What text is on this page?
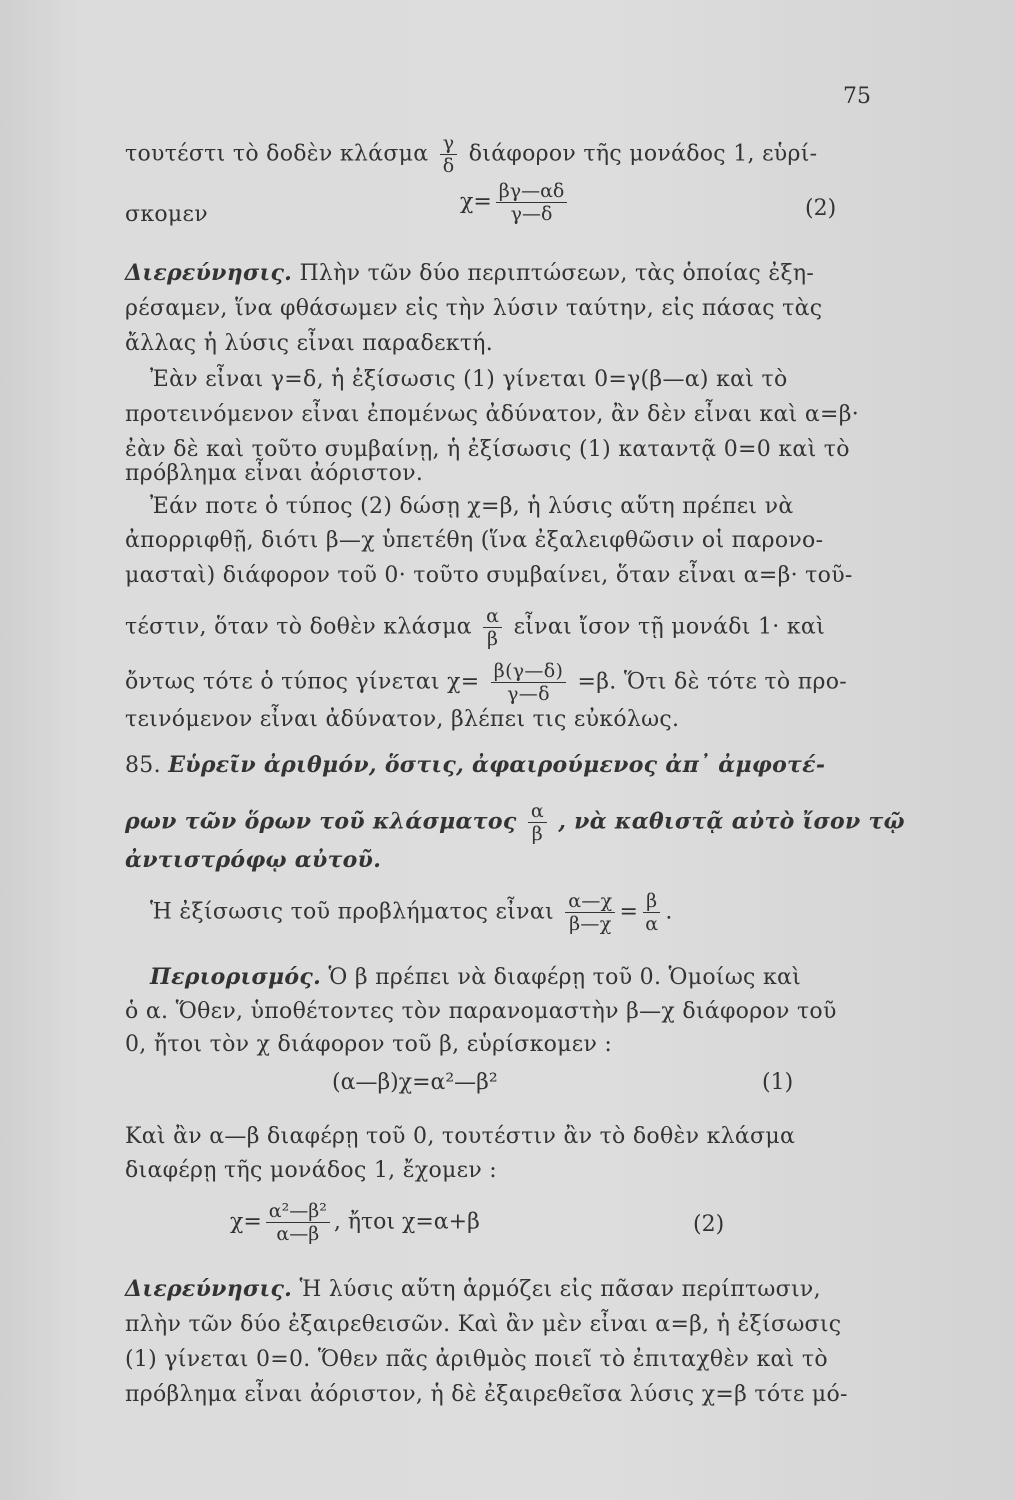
75
τουτέστι τὸ δοδὲν κλάσμα $\frac{\gamma}{\delta}$ διάφορον τῆς μονάδος 1, εὑρί-
σκομεν	$\chi= \frac{\beta\gamma—\alpha\delta}{\gamma—\delta}$	(2)
Διερεύνησις. Πλὴν τῶν δύο περιπτώσεων, τὰς ὁποίας ἐξη-
ρέσαμεν, ἵνα φθάσωμεν εἰς τὴν λύσιν ταύτην, εἰς πάσας τὰς
ἄλλας ἡ λύσις εἶναι παραδεκτή.
Ἐὰν εἶναι γ=δ, ἡ ἐξίσωσις (1) γίνεται 0=γ(β—α) καὶ τὸ
προτεινόμενον εἶναι ἐπομένως ἀδύνατον, ἂν δὲν εἶναι καὶ α=β·
ἐὰν δὲ καὶ τοῦτο συμβαίνῃ, ἡ ἐξίσωσις (1) καταντᾷ 0=0 καὶ τὸ
πρόβλημα εἶναι ἀόριστον.
Ἐάν ποτε ὁ τύπος (2) δώσῃ χ=β, ἡ λύσις αὕτη πρέπει νὰ
ἀπορριφθῇ, διότι β—χ ὑπετέθη (ἵνα ἐξαλειφθῶσιν οἱ παρονο-
μασταὶ) διάφορον τοῦ 0· τοῦτο συμβαίνει, ὅταν εἶναι α=β· τοῦ-
τέστιν, ὅταν τὸ δοθὲν κλάσμα $\frac{\alpha}{\beta}$ εἶναι ἴσον τῇ μονάδι 1· καὶ
ὄντως τότε ὁ τύπος γίνεται $\chi= \frac{\beta(\gamma—\delta)}{\gamma—\delta} =\beta$. Ὅτι δὲ τότε τὸ προ-
τεινόμενον εἶναι ἀδύνατον, βλέπει τις εὐκόλως.
85. Εὑρεῖν ἀριθμόν, ὅστις, ἀφαιρούμενος ἀπ᾽ ἀμφοτέ-
ρων τῶν ὅρων τοῦ κλάσματος $\frac{\alpha}{\beta}$ , νὰ καθιστᾷ αὐτὸ ἴσον τῷ
ἀντιστρόφῳ αὐτοῦ.
Ἡ ἐξίσωσις τοῦ προβλήματος εἶναι $\frac{\alpha—\chi}{\beta—\chi} = \frac{\beta}{\alpha}$ .
Περιορισμός. Ὁ β πρέπει νὰ διαφέρῃ τοῦ 0. Ὁμοίως καὶ
ὁ α. Ὅθεν, ὑποθέτοντες τὸν παρανομαστὴν β—χ διάφορον τοῦ
0, ἤτοι τὸν χ διάφορον τοῦ β, εὑρίσκομεν :
(α—β)χ=α²—β²	(1)
Καὶ ἂν α—β διαφέρῃ τοῦ 0, τουτέστιν ἂν τὸ δοθὲν κλάσμα
διαφέρῃ τῆς μονάδος 1, ἔχομεν :
$\chi= \frac{\text{α²—β²}}{\alpha—\beta}$ , ἤτοι χ=α+β	(2)
Διερεύνησις. Ἡ λύσις αὕτη ἁρμόζει εἰς πᾶσαν περίπτωσιν,
πλὴν τῶν δύο ἐξαιρεθεισῶν. Καὶ ἂν μὲν εἶναι α=β, ἡ ἐξίσωσις
(1) γίνεται 0=0. Ὅθεν πᾶς ἀριθμὸς ποιεῖ τὸ ἐπιταχθὲν καὶ τὸ
πρόβλημα εἶναι ἀόριστον, ἡ δὲ ἐξαιρεθεῖσα λύσις χ=β τότε μό-
